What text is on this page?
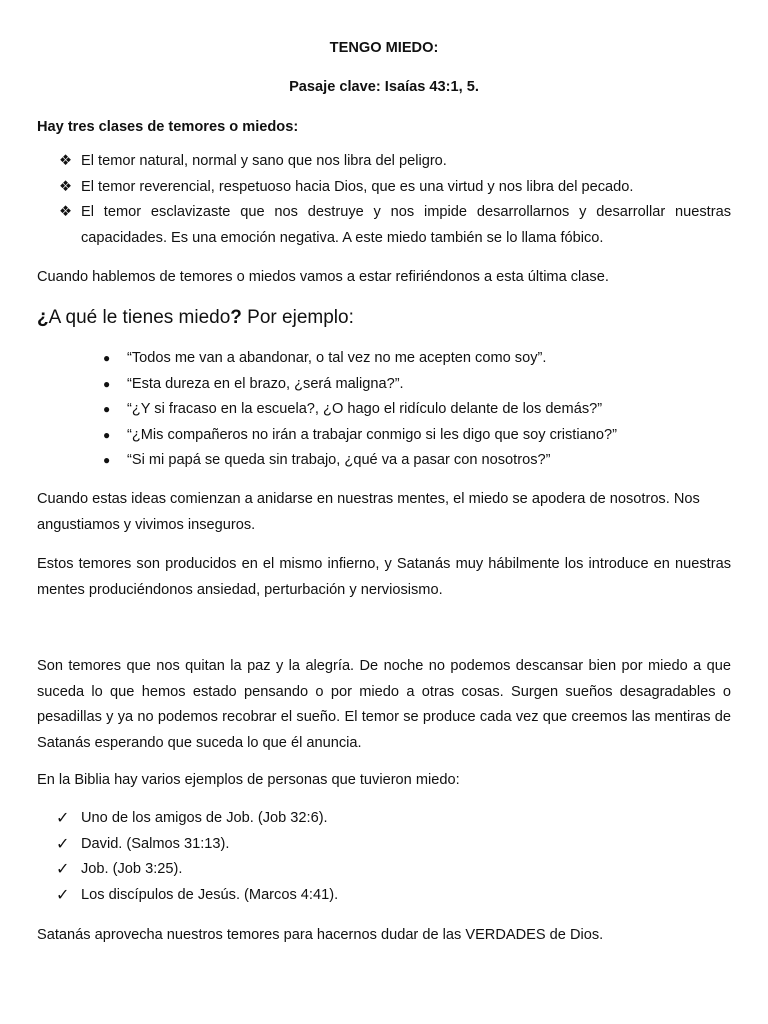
TENGO MIEDO:
Pasaje clave: Isaías 43:1, 5.
Hay tres clases de temores o miedos:
❖ El temor natural, normal y sano que nos libra del peligro.
❖ El temor reverencial, respetuoso hacia Dios, que es una virtud y nos libra del pecado.
❖ El temor esclavizaste que nos destruye y nos impide desarrollarnos y desarrollar nuestras capacidades. Es una emoción negativa. A este miedo también se lo llama fóbico.
Cuando hablemos de temores o miedos vamos a estar refiriéndonos a esta última clase.
¿A qué le tienes miedo? Por ejemplo:
●	“Todos me van a abandonar, o tal vez no me acepten como soy”.
●	“Esta dureza en el brazo, ¿será maligna?”.
●	“¿Y si fracaso en la escuela?, ¿O hago el ridículo delante de los demás?”
●	“¿Mis compañeros no irán a trabajar conmigo si les digo que soy cristiano?”
●	“Si mi papá se queda sin trabajo, ¿qué va a pasar con nosotros?”
Cuando estas ideas comienzan a anidarse en nuestras mentes, el miedo se apodera de nosotros. Nos angustiamos y vivimos inseguros.
Estos temores son producidos en el mismo infierno, y Satanás muy hábilmente los introduce en nuestras mentes produciéndonos ansiedad, perturbación y nerviosismo.
Son temores que nos quitan la paz y la alegría. De noche no podemos descansar bien por miedo a que suceda lo que hemos estado pensando o por miedo a otras cosas. Surgen sueños desagradables o pesadillas y ya no podemos recobrar el sueño. El temor se produce cada vez que creemos las mentiras de Satanás esperando que suceda lo que él anuncia.
En la Biblia hay varios ejemplos de personas que tuvieron miedo:
✓ Uno de los amigos de Job. (Job 32:6).
✓ David. (Salmos 31:13).
✓ Job. (Job 3:25).
✓ Los discípulos de Jesús. (Marcos 4:41).
Satanás aprovecha nuestros temores para hacernos dudar de las VERDADES de Dios.
